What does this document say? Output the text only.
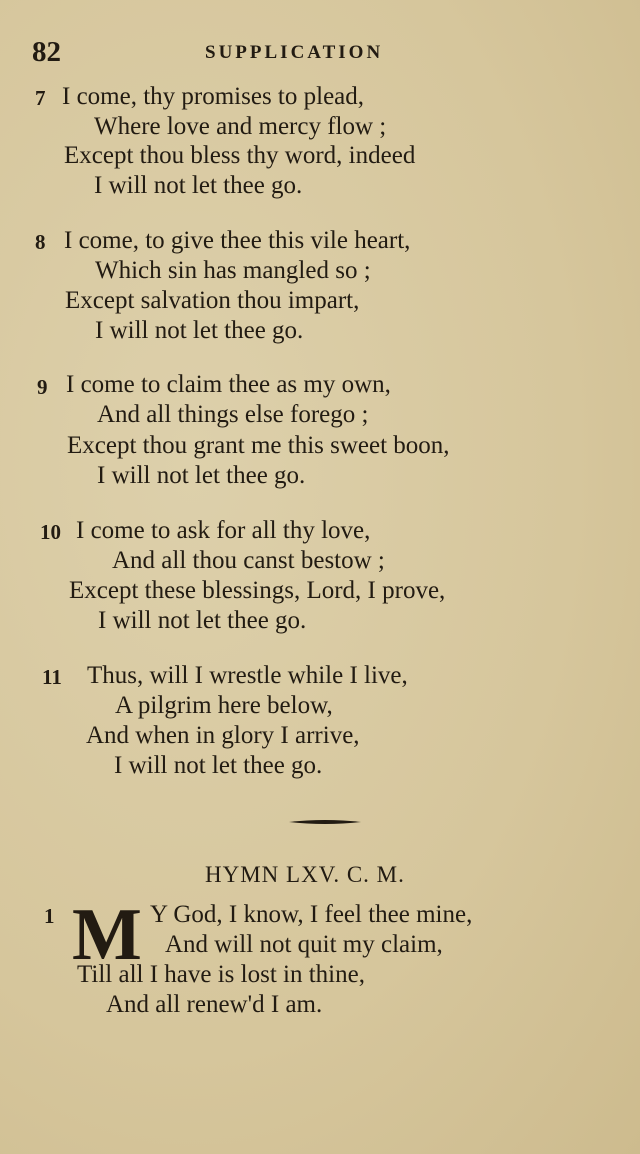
82	SUPPLICATION
7 I come, thy promises to plead,
Where love and mercy flow ;
Except thou bless thy word, indeed
I will not let thee go.
8 I come, to give thee this vile heart,
Which sin has mangled so ;
Except salvation thou impart,
I will not let thee go.
9 I come to claim thee as my own,
And all things else forego ;
Except thou grant me this sweet boon,
I will not let thee go.
10 I come to ask for all thy love,
And all thou canst bestow ;
Except these blessings, Lord, I prove,
I will not let thee go.
11 Thus, will I wrestle while I live,
A pilgrim here below,
And when in glory I arrive,
I will not let thee go.
HYMN LXV. C. M.
1 M Y God, I know, I feel thee mine,
And will not quit my claim,
Till all I have is lost in thine,
And all renew'd I am.
